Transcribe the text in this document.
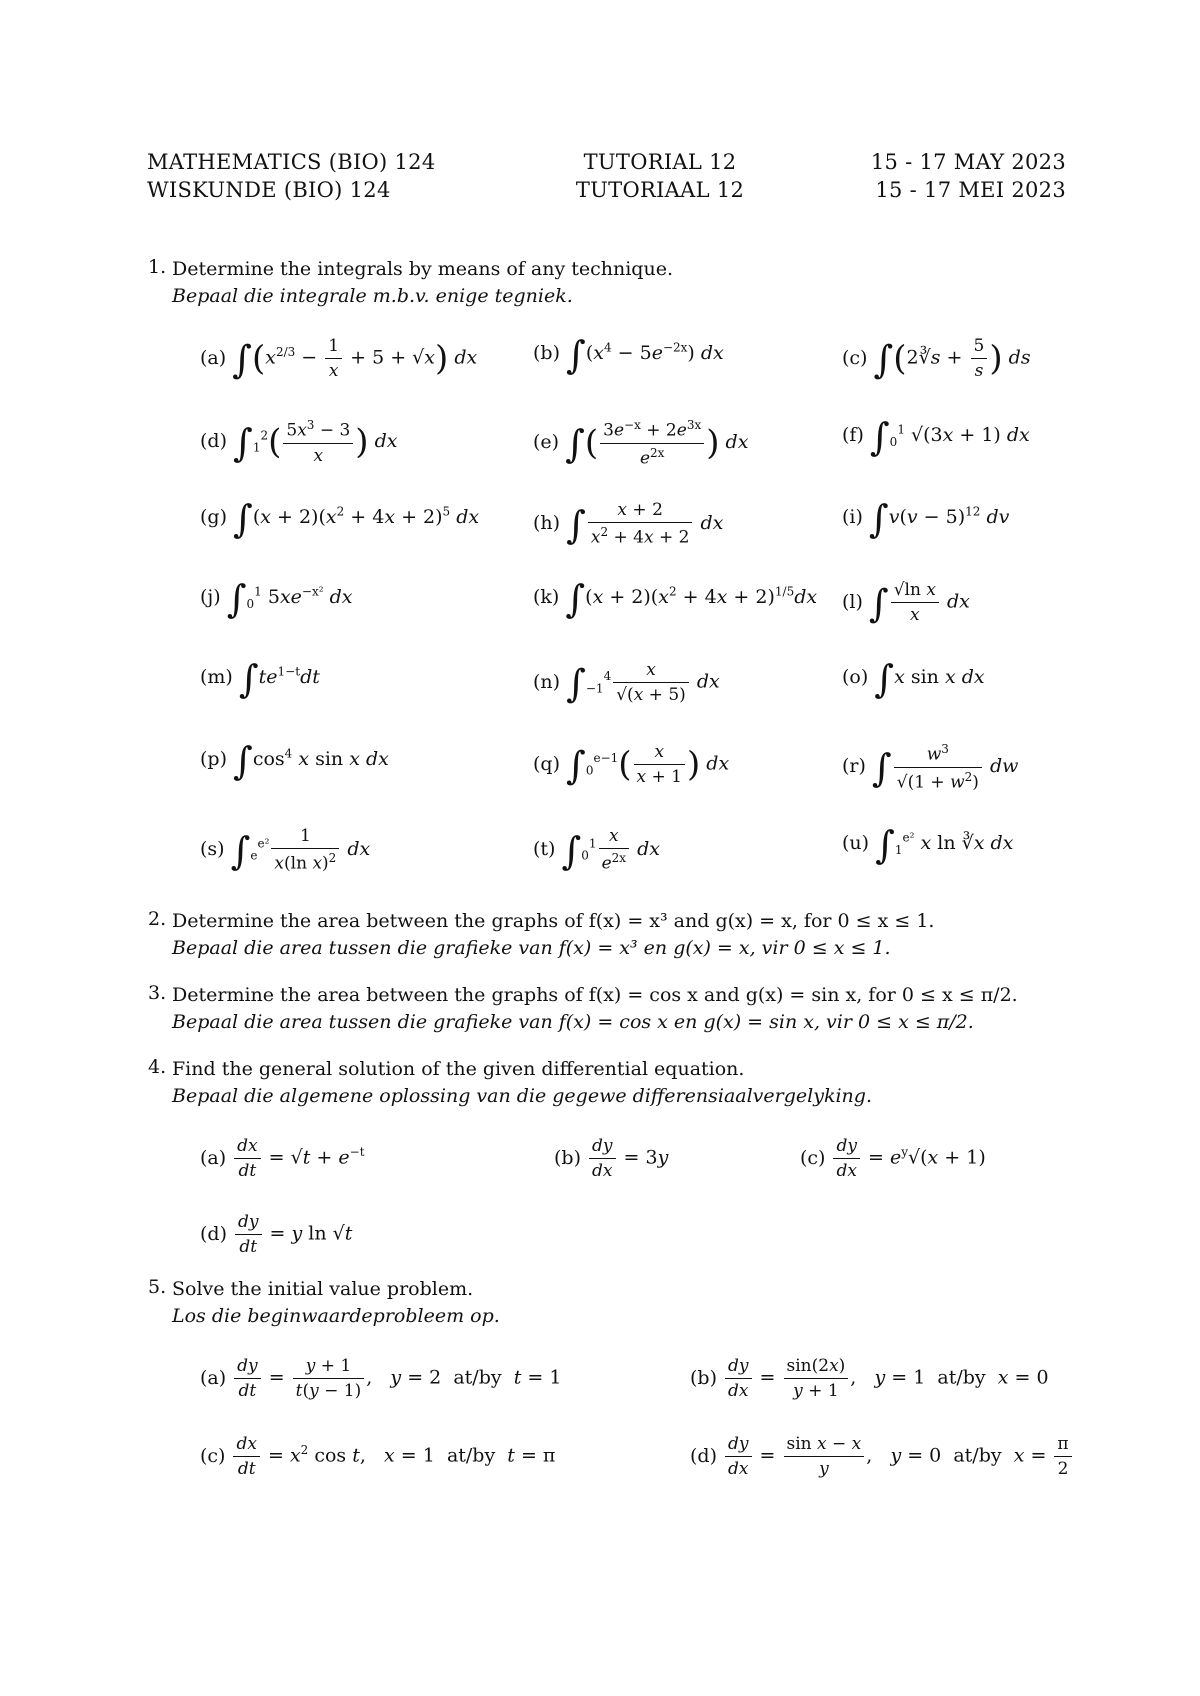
MATHEMATICS (BIO) 124
WISKUNDE (BIO) 124
TUTORIAL 12
TUTORIAAL 12
15 - 17 MAY 2023
15 - 17 MEI 2023
1. Determine the integrals by means of any technique.
Bepaal die integrale m.b.v. enige tegniek.
(a) $\int(x^{2/3} - \frac{1}{x} + 5 + √x)$ dx	(b) $\int(x^4 - 5e^{-2x})$ dx	(c) ∫(2∛s + $\frac{5}{s}$ ) ds
(d) $\int_1^2( \frac{5x^3 - 3}{x}$ ) dx	(e) ∫( $\frac{3e^{-x} + 2e^{3x}}{e^{2x}}$ ) dx	(f) $\int_0^1$ √(3x + 1) dx
(g) $\int(x + 2)(x^2 + 4x + 2)^5$ dx	(h) ∫ $\frac{x + 2}{x^2 + 4x + 2}$ dx	(i) $\int v(v - 5)^{12}$ dv
(j) $\int_0^1$ $5xe^{-x^2}$ dx	(k) $\int(x + 2)(x^2 + 4x + 2)^{1/5}dx$ (l) ∫ $\frac{\text{√ln x}}{x}$ dx
(m) $\int te^{1-t}dt$	(n) $\int_{-1}^4 \frac{x}{√(x + 5)}$ dx	(o) ∫x sin x dx
(p) $\int\cos^4$ x sin x dx	(q) $\int_0^{e-1}( \frac{x}{x + 1}$ ) dx	(r) ∫ $\frac{w^3}{√(1 + w^2)}$ dw
(s) $\int_e^{e^2} \frac{1}{x(\ln x)^2}$ dx	(t) $\int_0^1 \frac{x}{e^{2x}}$ dx	(u) $\int_1^{e^2}$ x ln ∛x dx
2. Determine the area between the graphs of f(x) = x³ and g(x) = x, for 0 ≤ x ≤ 1.
Bepaal die area tussen die grafieke van f(x) = x³ en g(x) = x, vir 0 ≤ x ≤ 1.
3. Determine the area between the graphs of f(x) = cos x and g(x) = sin x, for 0 ≤ x ≤ π/2.
Bepaal die area tussen die grafieke van f(x) = cos x en g(x) = sin x, vir 0 ≤ x ≤ π/2.
4. Find the general solution of the given differential equation.
Bepaal die algemene oplossing van die gegewe differensiaalvergelyking.
$(a) \frac{dx}{dt} = √t + e^{-t}$	$(b) \frac{dy}{dx} = 3y$	$(c) \frac{dy}{dx} = e^y√(x + 1)$
$(d) \frac{dy}{dt} = y$ ln √t
5. Solve the initial value problem.
Los die beginwaardeprobleem op.
$(a) \frac{dy}{dt} = \frac{y + 1}{t(y - 1)}$ ,   y = 2  at/by t = 1	$(b) \frac{dy}{dx} = \frac{\sin(2x)}{y + 1}$ ,   y = 1  at/by x = 0
$(c) \frac{dx}{dt} = x^2$ cos t,   x = 1  at/by t = π	$(d) \frac{dy}{dx} = \frac{\text{sin x − x}}{y}$ ,   y = 0  at/by $x = \frac{\pi}{2}$
